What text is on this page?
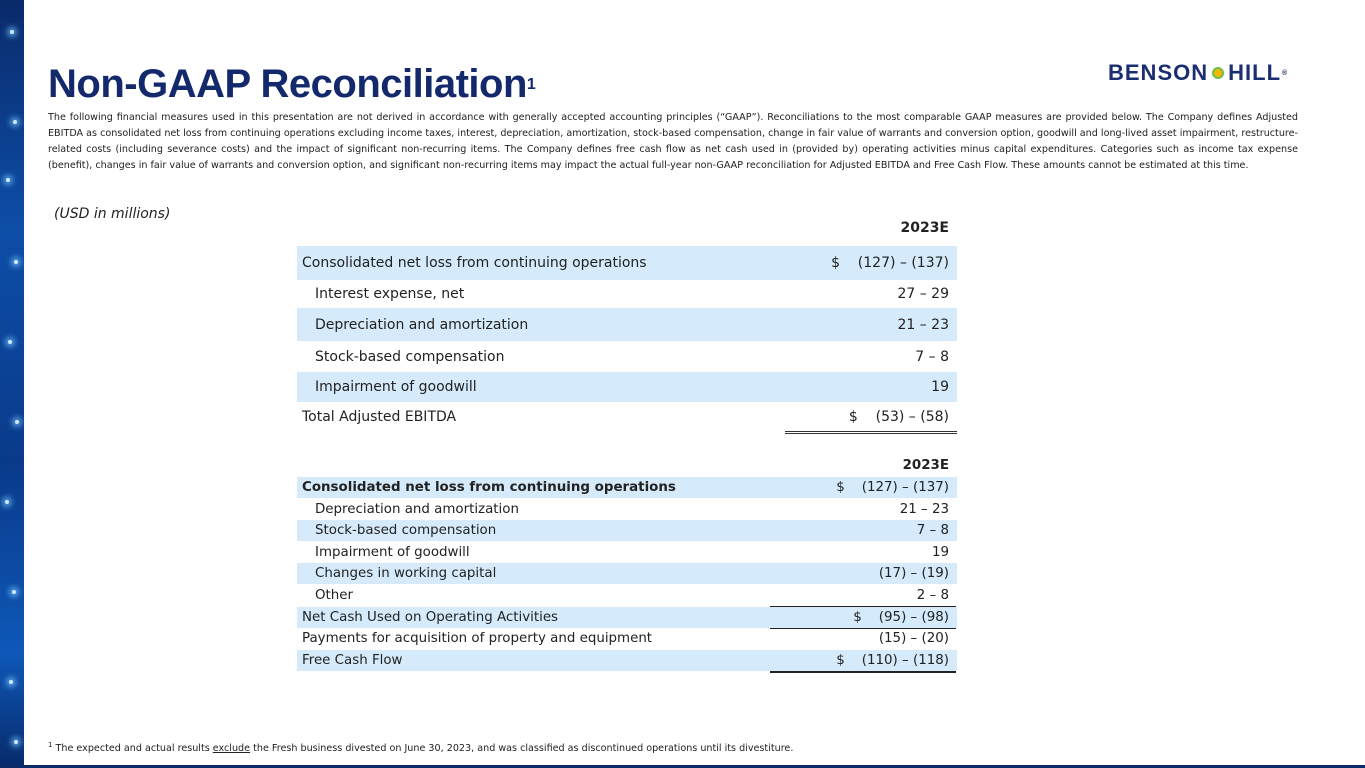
Non-GAAP Reconciliation$^1$	BENSON HILL ®

The following financial measures used in this presentation are not derived in accordance with generally accepted accounting principles (“GAAP”). Reconciliations to the most comparable GAAP measures are provided below. The Company defines Adjusted EBITDA as consolidated net loss from continuing operations excluding income taxes, interest, depreciation, amortization, stock-based compensation, change in fair value of warrants and conversion option, goodwill and long-lived asset impairment, restructure-related costs (including severance costs) and the impact of significant non-recurring items. The Company defines free cash flow as net cash used in (provided by) operating activities minus capital expenditures. Categories such as income tax expense (benefit), changes in fair value of warrants and conversion option, and significant non-recurring items may impact the actual full-year non-GAAP reconciliation for Adjusted EBITDA and Free Cash Flow. These amounts cannot be estimated at this time.

(USD in millions)
2023E
Consolidated net loss from continuing operations	$    (127) – (137)
Interest expense, net	27 – 29
Depreciation and amortization	21 – 23
Stock-based compensation	7 – 8
Impairment of goodwill	19
Total Adjusted EBITDA	$    (53) – (58)
2023E
Consolidated net loss from continuing operations	$    (127) – (137)
Depreciation and amortization	21 – 23
Stock-based compensation	7 – 8
Impairment of goodwill	19
Changes in working capital	(17) – (19)
Other	2 – 8
Net Cash Used on Operating Activities	$    (95) – (98)
Payments for acquisition of property and equipment	(15) – (20)
Free Cash Flow	$    (110) – (118)
$^1$ The expected and actual results exclude the Fresh business divested on June 30, 2023, and was classified as discontinued operations until its divestiture.
